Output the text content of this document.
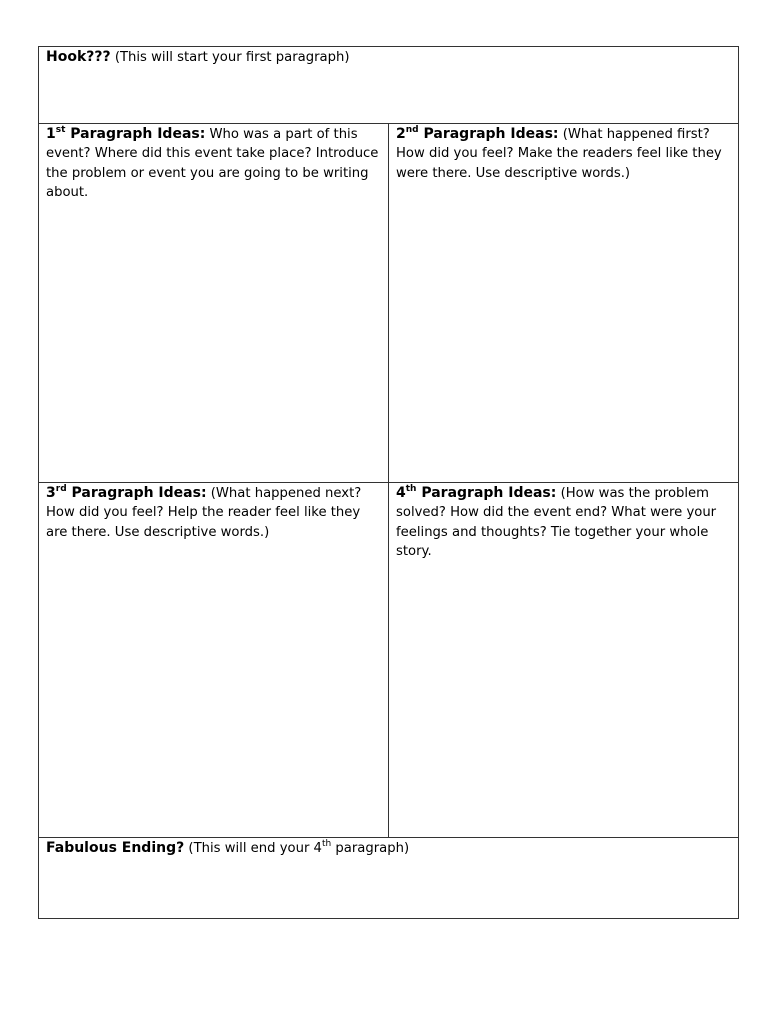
Hook??? (This will start your first paragraph)
1st Paragraph Ideas: Who was a part of this event? Where did this event take place? Introduce the problem or event you are going to be writing about.
2nd Paragraph Ideas: (What happened first? How did you feel? Make the readers feel like they were there. Use descriptive words.)
3rd Paragraph Ideas: (What happened next? How did you feel? Help the reader feel like they are there. Use descriptive words.)
4th Paragraph Ideas: (How was the problem solved? How did the event end? What were your feelings and thoughts? Tie together your whole story.
Fabulous Ending? (This will end your 4th paragraph)
